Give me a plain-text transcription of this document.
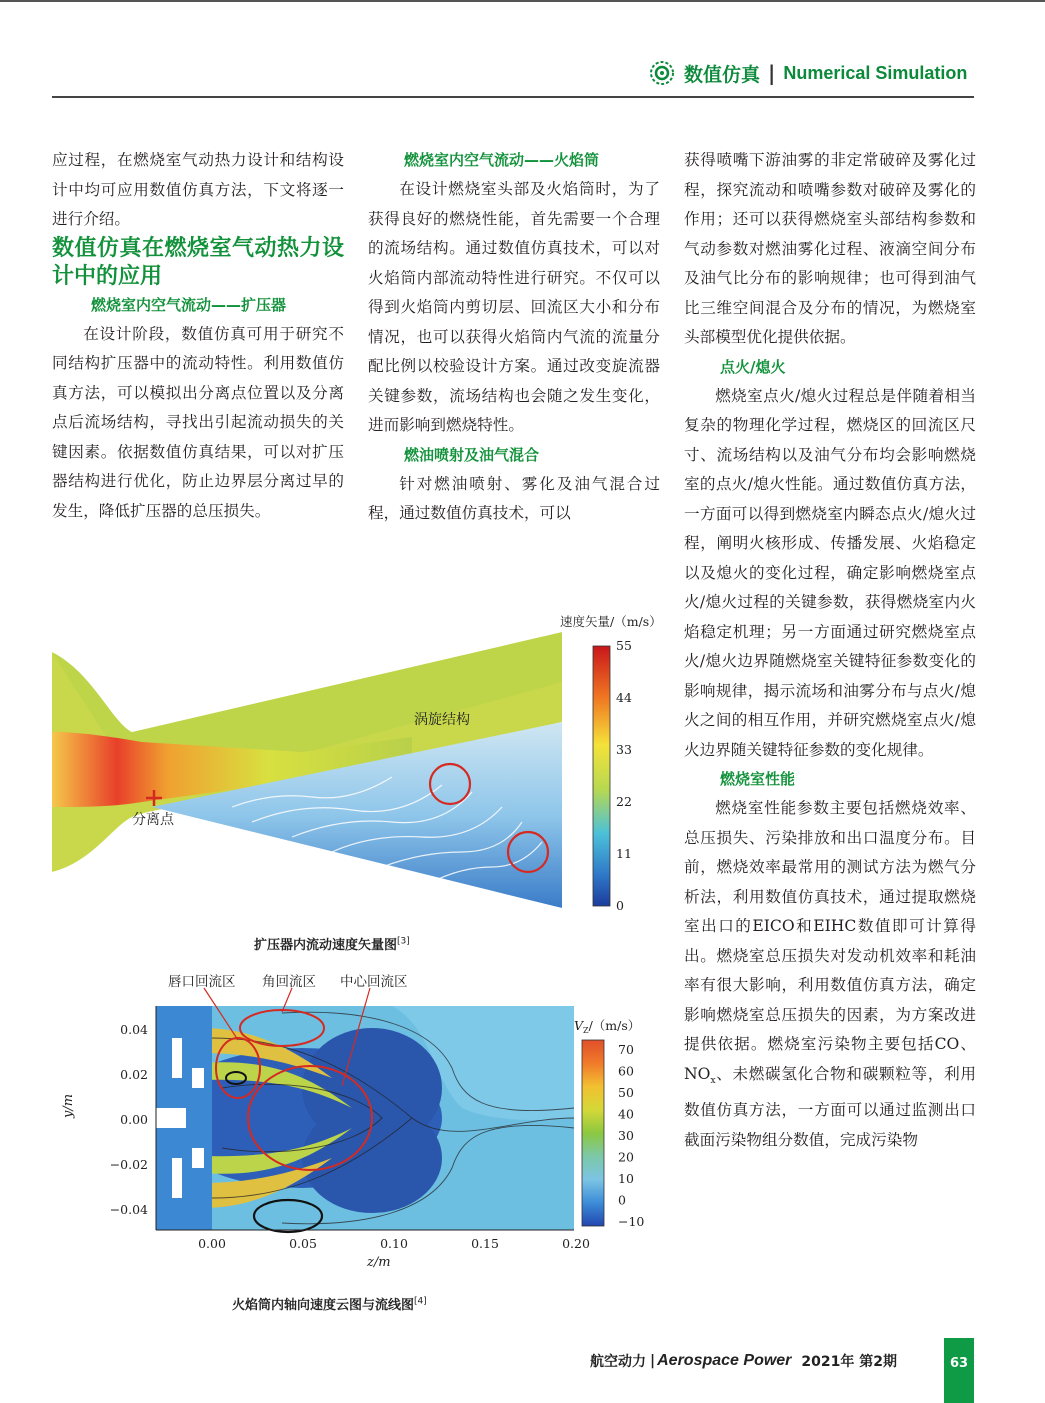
数值仿真 | Numerical Simulation

应过程，在燃烧室气动热力设计和结构设计中均可应用数值仿真方法，下文将逐一进行介绍。

数值仿真在燃烧室气动热力设计中的应用

燃烧室内空气流动——扩压器

在设计阶段，数值仿真可用于研究不同结构扩压器中的流动特性。利用数值仿真方法，可以模拟出分离点位置以及分离点后流场结构，寻找出引起流动损失的关键因素。依据数值仿真结果，可以对扩压器结构进行优化，防止边界层分离过早的发生，降低扩压器的总压损失。

燃烧室内空气流动——火焰筒

在设计燃烧室头部及火焰筒时，为了获得良好的燃烧性能，首先需要一个合理的流场结构。通过数值仿真技术，可以对火焰筒内部流动特性进行研究。不仅可以得到火焰筒内剪切层、回流区大小和分布情况，也可以获得火焰筒内气流的流量分配比例以校验设计方案。通过改变旋流器关键参数，流场结构也会随之发生变化，进而影响到燃烧特性。

燃油喷射及油气混合

针对燃油喷射、雾化及油气混合过程，通过数值仿真技术，可以

获得喷嘴下游油雾的非定常破碎及雾化过程，探究流动和喷嘴参数对破碎及雾化的作用；还可以获得燃烧室头部结构参数和气动参数对燃油雾化过程、液滴空间分布及油气比分布的影响规律；也可得到油气比三维空间混合及分布的情况，为燃烧室头部模型优化提供依据。

点火/熄火

燃烧室点火/熄火过程总是伴随着相当复杂的物理化学过程，燃烧区的回流区尺寸、流场结构以及油气分布均会影响燃烧室的点火/熄火性能。通过数值仿真方法，一方面可以得到燃烧室内瞬态点火/熄火过程，阐明火核形成、传播发展、火焰稳定以及熄火的变化过程，确定影响燃烧室点火/熄火过程的关键参数，获得燃烧室内火焰稳定机理；另一方面通过研究燃烧室点火/熄火边界随燃烧室关键特征参数变化的影响规律，揭示流场和油雾分布与点火/熄火之间的相互作用，并研究燃烧室点火/熄火边界随关键特征参数的变化规律。

燃烧室性能

燃烧室性能参数主要包括燃烧效率、总压损失、污染排放和出口温度分布。目前，燃烧效率最常用的测试方法为燃气分析法，利用数值仿真技术，通过提取燃烧室出口的EICO和EIHC数值即可计算得出。燃烧室总压损失对发动机效率和耗油率有很大影响，利用数值仿真方法，确定影响燃烧室总压损失的因素，为方案改进提供依据。燃烧室污染物主要包括CO、$NO_x$、未燃碳氢化合物和碳颗粒等，利用数值仿真方法，一方面可以通过监测出口截面污染物组分数值，完成污染物

分离点
涡旋结构
速度矢量/（m/s）
55
44
33
22
11
0
扩压器内流动速度矢量图[3]
唇口回流区 角回流区 中心回流区
0.04
0.02
0.00
−0.02
−0.04
0.00	0.05	0.10	0.15	0.20
y/m
z/m
$V_Z/(m/s)$
70
60
50
40
30
20
10
0
−10
火焰筒内轴向速度云图与流线图[4]
航空动力 | Aerospace Power 2021年 第2期	63
